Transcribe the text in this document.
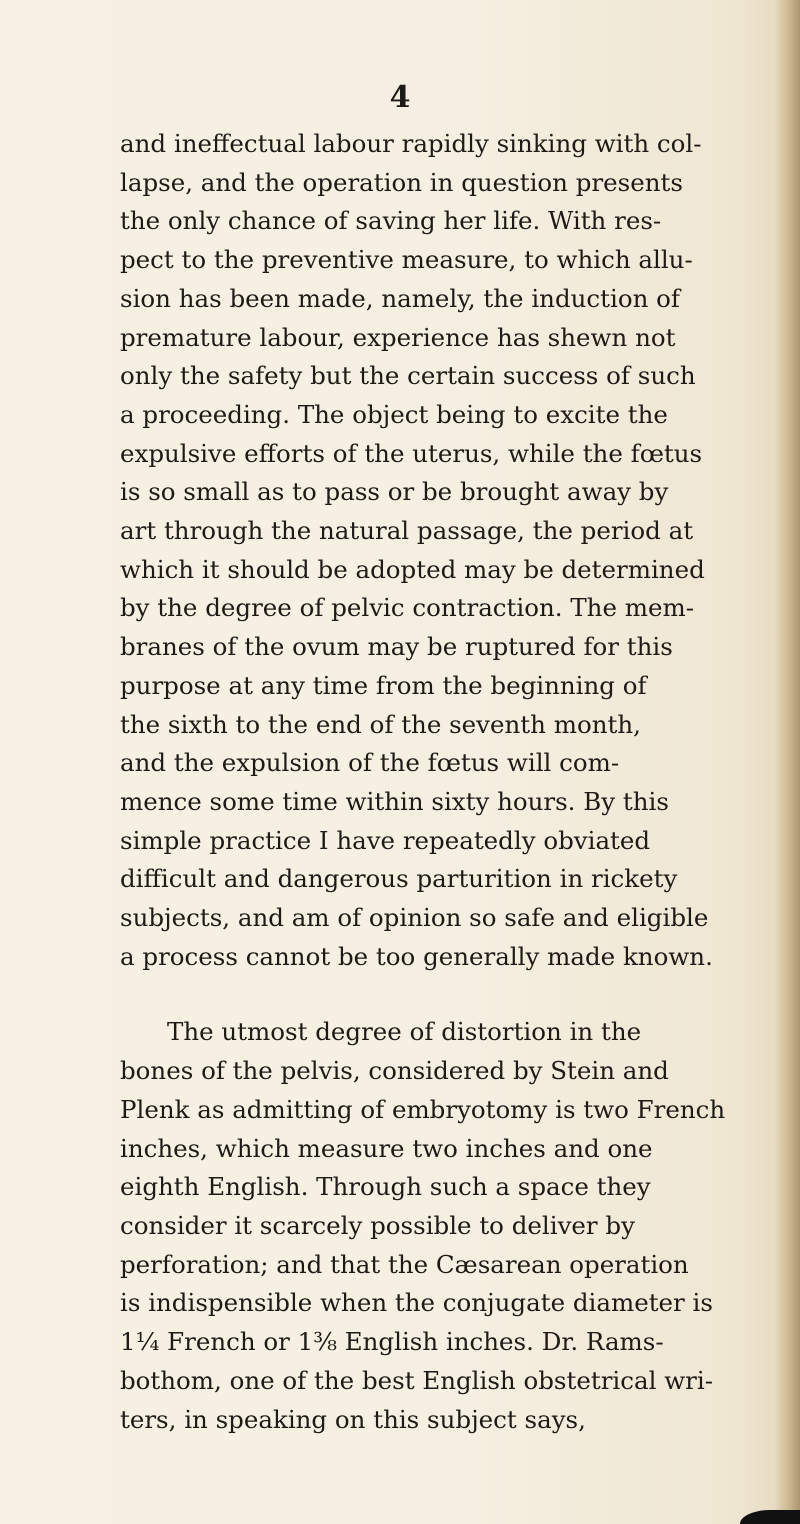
4

and ineffectual labour rapidly sinking with col-
lapse, and the operation in question presents
the only chance of saving her life. With res-
pect to the preventive measure, to which allu-
sion has been made, namely, the induction of
premature labour, experience has shewn not
only the safety but the certain success of such
a proceeding. The object being to excite the
expulsive efforts of the uterus, while the fœtus
is so small as to pass or be brought away by
art through the natural passage, the period at
which it should be adopted may be determined
by the degree of pelvic contraction. The mem-
branes of the ovum may be ruptured for this
purpose at any time from the beginning of
the sixth to the end of the seventh month,
and the expulsion of the fœtus will com-
mence some time within sixty hours. By this
simple practice I have repeatedly obviated
difficult and dangerous parturition in rickety
subjects, and am of opinion so safe and eligible
a process cannot be too generally made known.

The utmost degree of distortion in the
bones of the pelvis, considered by Stein and
Plenk as admitting of embryotomy is two French
inches, which measure two inches and one
eighth English. Through such a space they
consider it scarcely possible to deliver by
perforation; and that the Cæsarean operation
is indispensible when the conjugate diameter is
1¼ French or 1⅜ English inches. Dr. Rams-
bothom, one of the best English obstetrical wri-
ters, in speaking on this subject says,
